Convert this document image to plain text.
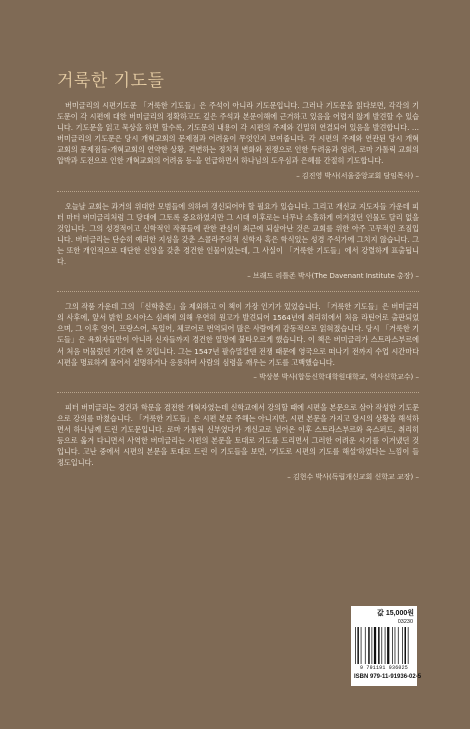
거룩한 기도들

버미글리의 시편기도문 「거룩한 기도들」은 주석이 아니라 기도문입니다. 그러나 기도문을 읽다보면, 각각의 기도문이 각 시편에 대한 버미글리의 정확하고도 깊은 주석과 본문이해에 근거하고 있음을 어렵지 않게 발견할 수 있습니다. 기도문을 읽고 묵상을 하면 할수록, 기도문의 내용이 각 시편의 주제와 긴밀히 연결되어 있음을 발견합니다. …버미글리의 기도문은 당시 개혁교회의 문제점과 어려움이 무엇인지 보여줍니다. 각 시편의 주제와 연관된 당시 개혁교회의 문제점들-개혁교회의 연약한 상황, 격변하는 정치적 변화와 전쟁으로 인한 두려움과 염려, 로마 가톨릭 교회의 압박과 도전으로 인한 개혁교회의 어려움 등-을 언급하면서 하나님의 도우심과 은혜를 간절히 기도합니다.

– 김진영 박사(서울중앙교회 담임목사) –

오늘날 교회는 과거의 위대한 모범들에 의하여 갱신되어야 할 필요가 있습니다. 그리고 개신교 지도자들 가운데 피터 마터 버미글리처럼 그 당대에 그토록 중요하였지만 그 시대 이후로는 너무나 소홀하게 여겨졌던 인물도 달리 없을 것입니다. 그의 성경적이고 신학적인 작품들에 관한 관심이 최근에 되살아난 것은 교회를 위한 아주 고무적인 조짐입니다. 버미글리는 단순히 예리한 지성을 갖춘 스콜라주의적 신학자 혹은 학식있는 성경 주석가에 그치지 않습니다. 그는 또한 개인적으로 대단한 신앙을 갖춘 경건한 인물이었는데, 그 사실이 「거룩한 기도들」에서 강렬하게 표출됩니다.

– 브래드 리틀존 박사(The Davenant Institute 총장) –

그의 작품 가운데 그의 「신학총론」을 제외하고 이 책이 가장 인기가 있었습니다. 「거룩한 기도들」은 버미글리의 사후에, 앞서 밝힌 요시아스 심레에 의해 우연히 원고가 발견되어 1564년에 취리히에서 처음 라틴어로 출판되었으며, 그 이후 영어, 프랑스어, 독일어, 체코어로 번역되어 많은 사람에게 감동적으로 읽혀졌습니다. 당시 「거룩한 기도들」은 욕회자들만이 아니라 신자들까지 경건한 열망에 불타오르게 했습니다. 이 책은 버미글리가 스트라스부르에서 처음 머물렀던 기간에 쓴 것입니다. 그는 1547년 팔슈말칼덴 전쟁 때문에 영국으로 떠나기 전까지 수업 시간마다 시편을 명료하게 풀어서 설명하거나 응용하여 사람의 심령을 깨우는 기도를 고백했습니다.

– 박상봉 박사(합동신학대학원대학교, 역사신학교수) –

피터 버미글리는 경건과 학문을 겸전한 개혁자였는데 신학교에서 강의할 때에 시편을 본문으로 삼아 작성한 기도문으로 강의를 마쳤습니다. 「거룩한 기도들」은 시편 본문 주해는 아니지만, 시편 본문을 가지고 당시의 상황을 해석하면서 하나님께 드린 기도문입니다. 로마 가톨릭 신부였다가 개신교로 넘어온 이후 스트라스부르와 옥스퍼드, 취리히 등으로 옮겨 다니면서 사역한 버미글리는 시편의 본문을 토대로 기도를 드리면서 그러한 어려운 시기를 이겨냈던 것입니다. 고난 중에서 시편의 본문을 토대로 드린 이 기도들을 보면, '기도로 시편의 기도를 해설'하였다는 느낌이 들 정도입니다.

– 김현수 박사(독립개신교회 신학교 교장) –

값 15,000원
03230
9 791191 936025
ISBN 979-11-91936-02-5
